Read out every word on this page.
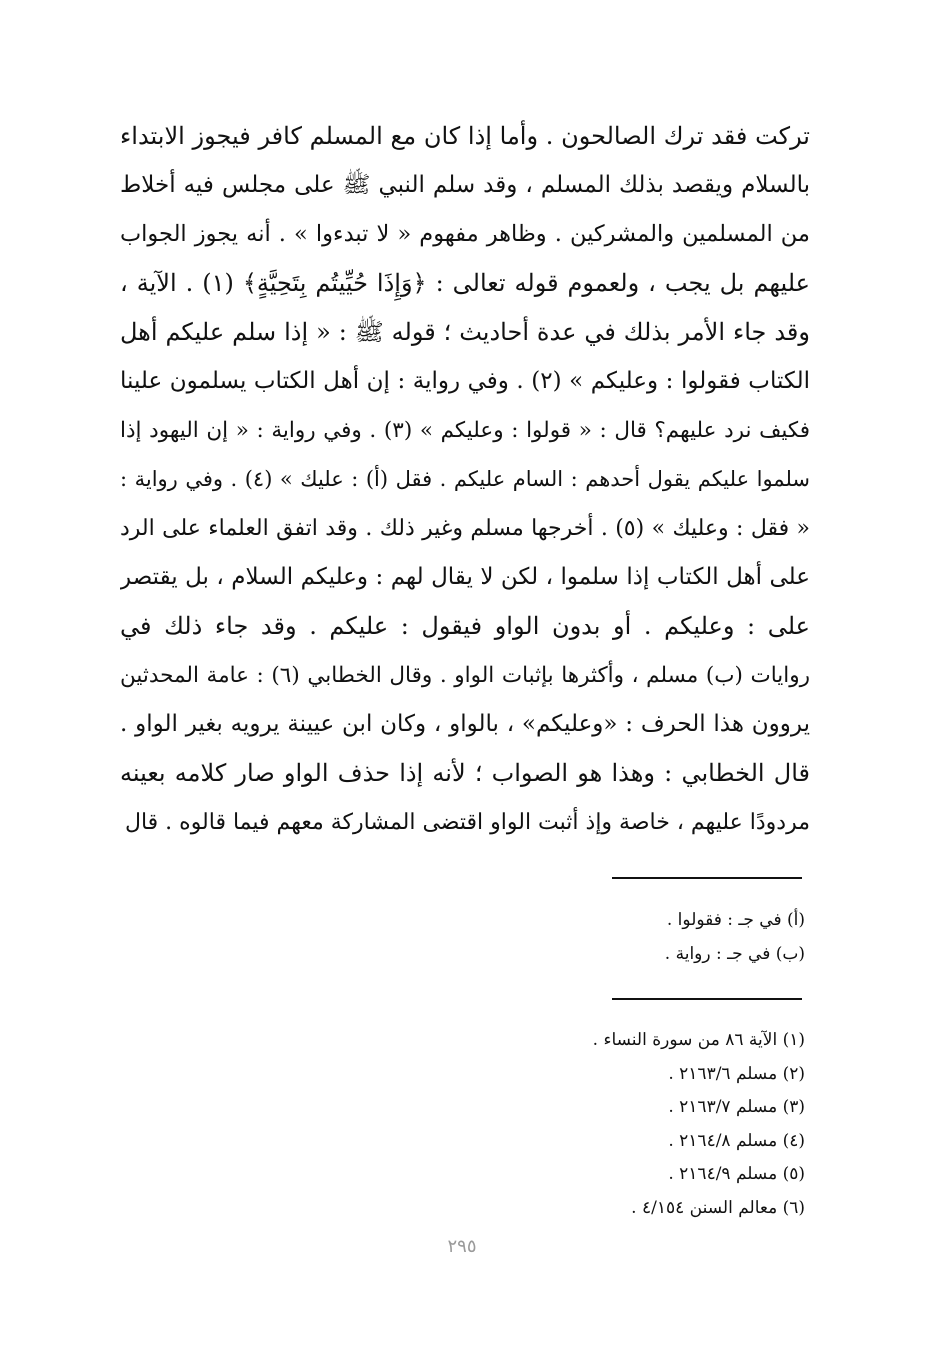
تركت فقد ترك الصالحون . وأما إذا كان مع المسلم كافر فيجوز الابتداء
بالسلام ويقصد بذلك المسلم ، وقد سلم النبي ﷺ على مجلس فيه أخلاط
من المسلمين والمشركين . وظاهر مفهوم « لا تبدءوا » . أنه يجوز الجواب
عليهم بل يجب ، ولعموم قوله تعالى : ﴿وَإِذَا حُيِّيتُم بِتَحِيَّةٍ﴾ (١) . الآية ،
وقد جاء الأمر بذلك في عدة أحاديث ؛ قوله ﷺ : « إذا سلم عليكم أهل
الكتاب فقولوا : وعليكم » (٢) . وفي رواية : إن أهل الكتاب يسلمون علينا
فكيف نرد عليهم؟ قال : « قولوا : وعليكم » (٣) . وفي رواية : « إن اليهود إذا
سلموا عليكم يقول أحدهم : السام عليكم . فقل (أ) : عليك » (٤) . وفي رواية :
« فقل : وعليك » (٥) . أخرجها مسلم وغير ذلك . وقد اتفق العلماء على الرد
على أهل الكتاب إذا سلموا ، لكن لا يقال لهم : وعليكم السلام ، بل يقتصر
على : وعليكم . أو بدون الواو فيقول : عليكم . وقد جاء ذلك في
روايات (ب) مسلم ، وأكثرها بإثبات الواو . وقال الخطابي (٦) : عامة المحدثين
يروون هذا الحرف : «وعليكم» ، بالواو ، وكان ابن عيينة يرويه بغير الواو .
قال الخطابي : وهذا هو الصواب ؛ لأنه إذا حذف الواو صار كلامه بعينه
مردودًا عليهم ، خاصة وإذ أثبت الواو اقتضى المشاركة معهم فيما قالوه . قال
(أ) في جـ : فقولوا .
(ب) في جـ : رواية .
(١) الآية ٨٦ من سورة النساء .
(٢) مسلم ٢١٦٣/٦ .
(٣) مسلم ٢١٦٣/٧ .
(٤) مسلم ٢١٦٤/٨ .
(٥) مسلم ٢١٦٤/٩ .
(٦) معالم السنن ٤/١٥٤ .
٢٩٥
